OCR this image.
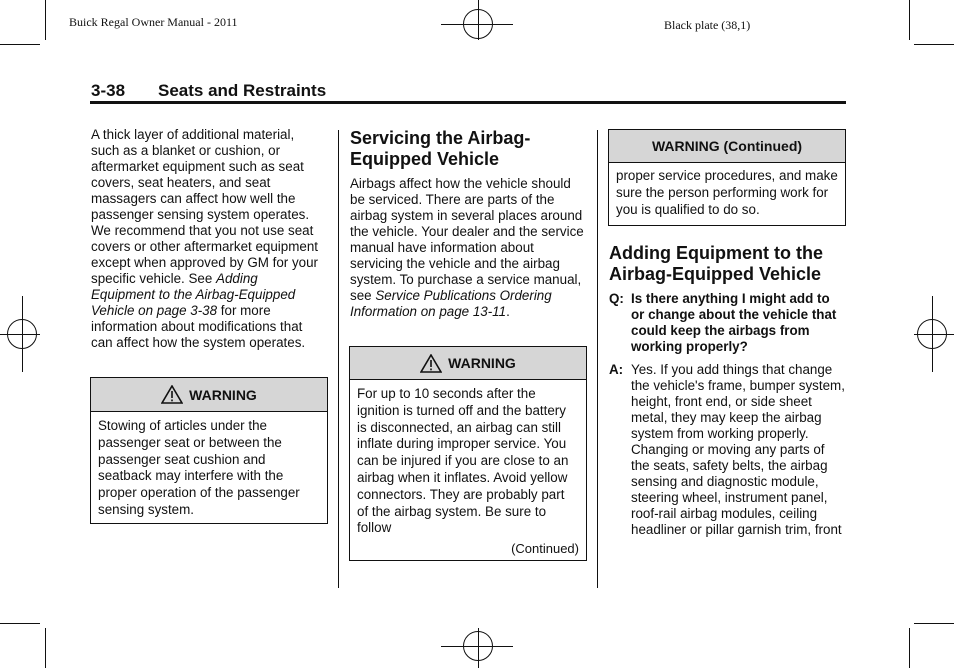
Buick Regal Owner Manual - 2011	Black plate (38,1)
3-38 Seats and Restraints

A thick layer of additional material, such as a blanket or cushion, or aftermarket equipment such as seat covers, seat heaters, and seat massagers can affect how well the passenger sensing system operates. We recommend that you not use seat covers or other aftermarket equipment except when approved by GM for your specific vehicle. See Adding Equipment to the Airbag-Equipped Vehicle on page 3-38 for more information about modifications that can affect how the system operates.

WARNING
Stowing of articles under the passenger seat or between the passenger seat cushion and seatback may interfere with the proper operation of the passenger sensing system.
Servicing the Airbag-Equipped Vehicle

Airbags affect how the vehicle should be serviced. There are parts of the airbag system in several places around the vehicle. Your dealer and the service manual have information about servicing the vehicle and the airbag system. To purchase a service manual, see Service Publications Ordering Information on page 13-11.

WARNING
For up to 10 seconds after the ignition is turned off and the battery is disconnected, an airbag can still inflate during improper service. You can be injured if you are close to an airbag when it inflates. Avoid yellow connectors. They are probably part of the airbag system. Be sure to follow
(Continued)
WARNING (Continued)
proper service procedures, and make sure the person performing work for you is qualified to do so.
Adding Equipment to the Airbag-Equipped Vehicle
Q: Is there anything I might add to or change about the vehicle that could keep the airbags from working properly?
A: Yes. If you add things that change the vehicle's frame, bumper system, height, front end, or side sheet metal, they may keep the airbag system from working properly. Changing or moving any parts of the seats, safety belts, the airbag sensing and diagnostic module, steering wheel, instrument panel, roof-rail airbag modules, ceiling headliner or pillar garnish trim, front
